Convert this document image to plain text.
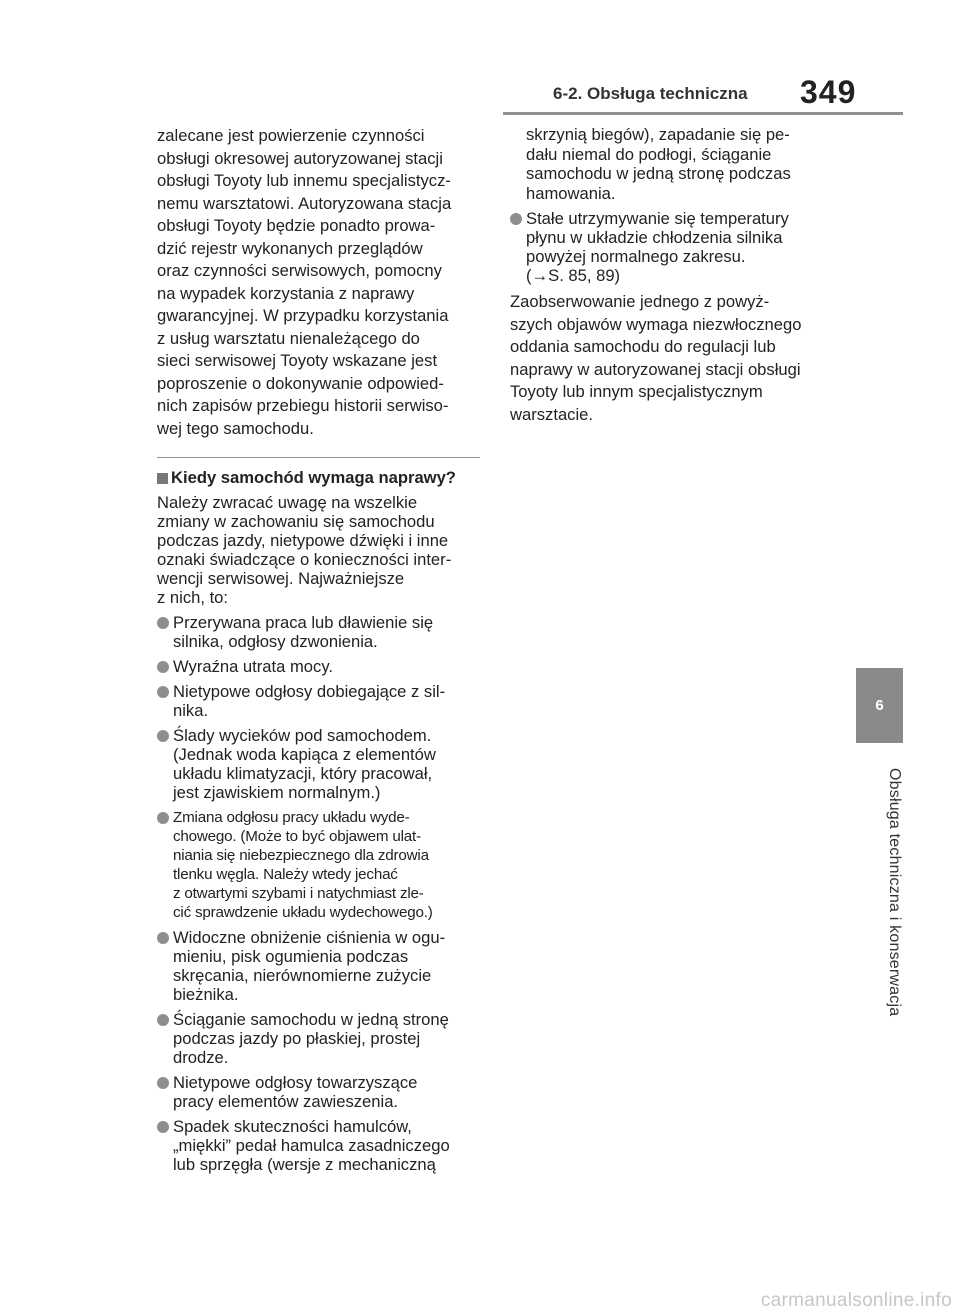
6-2. Obsługa techniczna	349
zalecane jest powierzenie czynności
obsługi okresowej autoryzowanej stacji
obsługi Toyoty lub innemu specjalistycz-
nemu warsztatowi. Autoryzowana stacja
obsługi Toyoty będzie ponadto prowa-
dzić rejestr wykonanych przeglądów
oraz czynności serwisowych, pomocny
na wypadek korzystania z naprawy
gwarancyjnej. W przypadku korzystania
z usług warsztatu nienależącego do
sieci serwisowej Toyoty wskazane jest
poproszenie o dokonywanie odpowied-
nich zapisów przebiegu historii serwiso-
wej tego samochodu.
Kiedy samochód wymaga naprawy?
Należy zwracać uwagę na wszelkie
zmiany w zachowaniu się samochodu
podczas jazdy, nietypowe dźwięki i inne
oznaki świadczące o konieczności inter-
wencji serwisowej. Najważniejsze
z nich, to:
Przerywana praca lub dławienie się
silnika, odgłosy dzwonienia.
Wyraźna utrata mocy.
Nietypowe odgłosy dobiegające z sil-
nika.
Ślady wycieków pod samochodem.
(Jednak woda kapiąca z elementów
układu klimatyzacji, który pracował,
jest zjawiskiem normalnym.)
Zmiana odgłosu pracy układu wyde-
chowego. (Może to być objawem ulat-
niania się niebezpiecznego dla zdrowia
tlenku węgla. Należy wtedy jechać
z otwartymi szybami i natychmiast zle-
cić sprawdzenie układu wydechowego.)
Widoczne obniżenie ciśnienia w ogu-
mieniu, pisk ogumienia podczas
skręcania, nierównomierne zużycie
bieżnika.
Ściąganie samochodu w jedną stronę
podczas jazdy po płaskiej, prostej
drodze.
Nietypowe odgłosy towarzyszące
pracy elementów zawieszenia.
Spadek skuteczności hamulców,
„miękki” pedał hamulca zasadniczego
lub sprzęgła (wersje z mechaniczną
skrzynią biegów), zapadanie się pe-
dału niemal do podłogi, ściąganie
samochodu w jedną stronę podczas
hamowania.
Stałe utrzymywanie się temperatury
płynu w układzie chłodzenia silnika
powyżej normalnego zakresu.
(→S. 85, 89)
Zaobserwowanie jednego z powyż-
szych objawów wymaga niezwłocznego
oddania samochodu do regulacji lub
naprawy w autoryzowanej stacji obsługi
Toyoty lub innym specjalistycznym
warsztacie.
6
Obsługa techniczna i konserwacja
carmanualsonline.info
